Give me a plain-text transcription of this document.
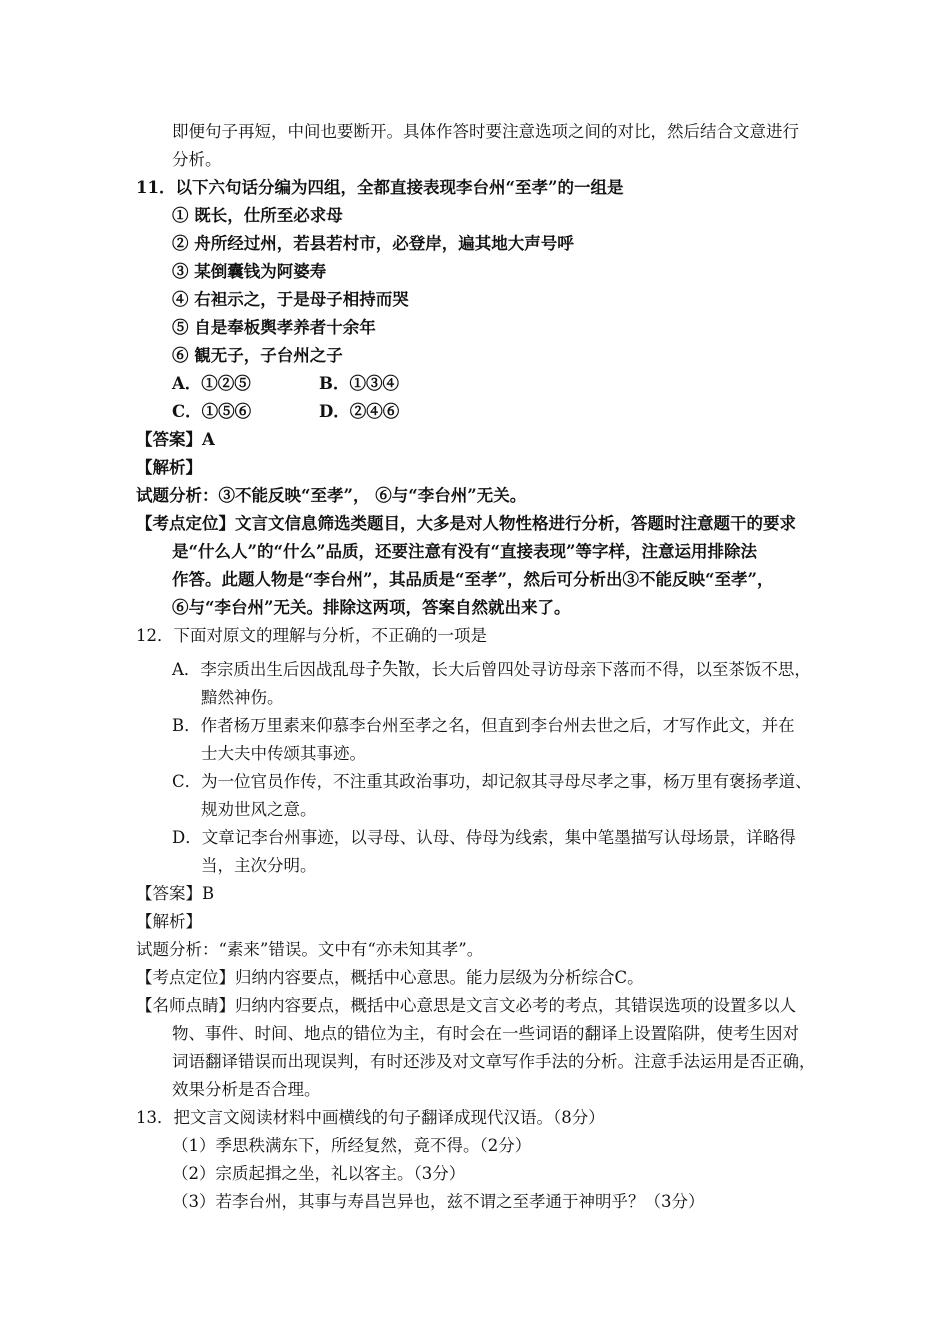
即便句子再短，中间也要断开。具体作答时要注意选项之间的对比，然后结合文意进行
分析。
11．以下六句话分编为四组，全都直接表现李台州“至孝”的一组是
① 既长，仕所至必求母
② 舟所经过州，若县若村市，必登岸，遍其地大声号呼
③ 某倒囊钱为阿婆寿
④ 右袒示之，于是母子相持而哭
⑤ 自是奉板舆孝养者十余年
⑥ 観无子，子台州之子
A．①②⑤	B．①③④
C．①⑤⑥	D．②④⑥
【答案】A
【解析】
试题分析：③不能反映“至孝”， ⑥与“李台州”无关。
【考点定位】文言文信息筛选类题目，大多是对人物性格进行分析，答题时注意题干的要求
是“什么人”的“什么”品质，还要注意有没有“直接表现”等字样，注意运用排除法
作答。此题人物是“李台州”，其品质是“至孝”，然后可分析出③不能反映“至孝”，
⑥与“李台州”无关。排除这两项，答案自然就出来了。
12．下面对原文的理解与分析，不正确的一项是
A．李宗质出生后因战乱母子失散，长大后曾四处寻访母亲下落而不得，以至茶饭不思，
黯然神伤。
B．作者杨万里素来仰慕李台州至孝之名，但直到李台州去世之后，才写作此文，并在
士大夫中传颂其事迹。
C．为一位官员作传，不注重其政治事功，却记叙其寻母尽孝之事，杨万里有褒扬孝道、
规劝世风之意。
D．文章记李台州事迹，以寻母、认母、侍母为线索，集中笔墨描写认母场景，详略得
当，主次分明。
【答案】B
【解析】
试题分析：“素来”错误。文中有“亦未知其孝”。
【考点定位】归纳内容要点，概括中心意思。能力层级为分析综合C。
【名师点睛】归纳内容要点，概括中心意思是文言文必考的考点，其错误选项的设置多以人
物、事件、时间、地点的错位为主，有时会在一些词语的翻译上设置陷阱，使考生因对
词语翻译错误而出现误判，有时还涉及对文章写作手法的分析。注意手法运用是否正确，
效果分析是否合理。
13．把文言文阅读材料中画横线的句子翻译成现代汉语。（8分）
（1）季思秩满东下，所经复然，竟不得。（2分）
（2）宗质起揖之坐，礼以客主。（3分）
（3）若李台州，其事与寿昌岂异也，兹不谓之至孝通于神明乎？（3分）
